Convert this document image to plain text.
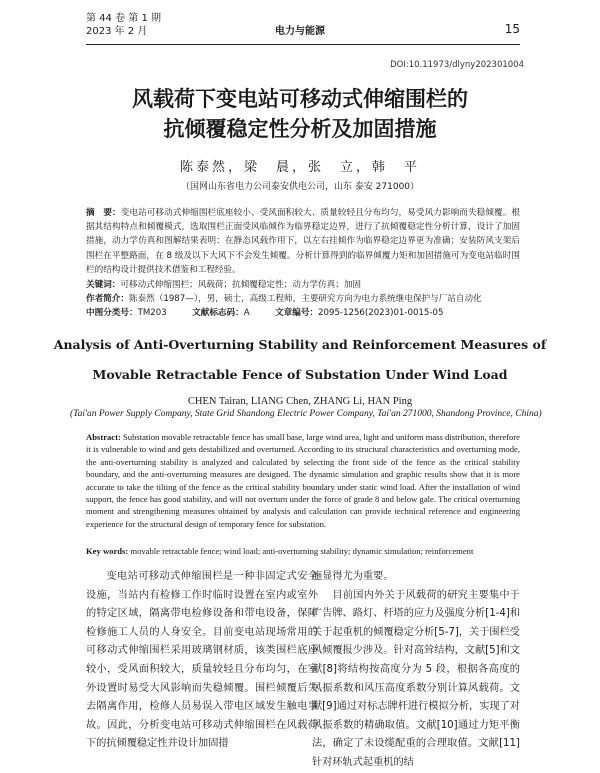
第 44 卷 第 1 期
2023 年 2 月	电力与能源	15
DOI:10.11973/dlyny202301004
风载荷下变电站可移动式伸缩围栏的
抗倾覆稳定性分析及加固措施
陈泰然，梁　晨，张　立，韩　平
（国网山东省电力公司泰安供电公司，山东 泰安 271000）
摘　要：变电站可移动式伸缩围栏底座较小、受风面积较大、质量较轻且分布均匀，易受风力影响而失稳倾覆。根据其结构特点和倾覆模式，选取围栏正面受风临倾作为临界稳定边界，进行了抗倾覆稳定性分析计算，设计了加固措施，动力学仿真和图解结果表明：在静态风载作用下，以左右挂倾作为临界稳定边界更为准确；安装防风支架后围栏在平整路面，在 8 级及以下大风下不会发生倾覆。分析计算得到的临界倾覆力矩和加固措施可为变电站临时围栏的结构设计提供技术借鉴和工程经验。
关键词：可移动式伸缩围栏；风载荷；抗倾覆稳定性；动力学仿真；加固
作者简介：陈泰然（1987—），男，硕士，高级工程师，主要研究方向为电力系统继电保护与厂站自动化
中图分类号：TM203	文献标志码：A	文章编号：2095-1256(2023)01-0015-05
Analysis of Anti-Overturning Stability and Reinforcement Measures of
Movable Retractable Fence of Substation Under Wind Load
CHEN Tairan, LIANG Chen, ZHANG Li, HAN Ping
(Tai'an Power Supply Company, State Grid Shandong Electric Power Company, Tai'an 271000, Shandong Province, China)
Abstract: Substation movable retractable fence has small base, large wind area, light and uniform mass distribution, therefore it is vulnerable to wind and gets destabilized and overturned. According to its structural characteristics and overturning mode, the anti-overturning stability is analyzed and calculated by selecting the front side of the fence as the critical stability boundary, and the anti-overturning measures are designed. The dynamic simulation and graphic results show that it is more accurate to take the tilting of the fence as the critical stability boundary under static wind load. After the installation of wind support, the fence has good stability, and will not overturn under the force of grade 8 and below gale. The critical overturning moment and strengthening measures obtained by analysis and calculation can provide technical reference and engineering experience for the structural design of temporary fence for substation.
Key words: movable retractable fence; wind load; anti-overturning stability; dynamic simulation; reinforcement

变电站可移动式伸缩围栏是一种非固定式安全设施，当站内有检修工作时临时设置在室内或室外的特定区域，隔离带电检修设备和带电设备，保障检修施工人员的人身安全。目前变电站现场常用的可移动式伸缩围栏采用玻璃钢材质，该类围栏底座较小，受风面积较大，质量较轻且分布均匀，在室外设置时易受大风影响而失稳倾覆。围栏倾覆后失去隔离作用，检修人员易误入带电区域发生触电事故。因此，分析变电站可移动式伸缩围栏在风载荷下的抗倾覆稳定性并设计加固措

施显得尤为重要。

目前国内外关于风载荷的研究主要集中于广告牌、路灯、杆塔的应力及强度分析[1-4]和关于起重机的倾覆稳定分析[5-7]，关于围栏受风倾覆报少涉及。针对高耸结构，文献[5]和文献[8]将结构按高度分为 5 段，根据各高度的风振系数和风压高度系数分别计算风载荷。文献[9]通过对标志牌杆进行模拟分析，实现了对风振系数的精确取值。文献[10]通过力矩平衡法，确定了未设缆配重的合理取值。文献[11]针对环轨式起重机的结
